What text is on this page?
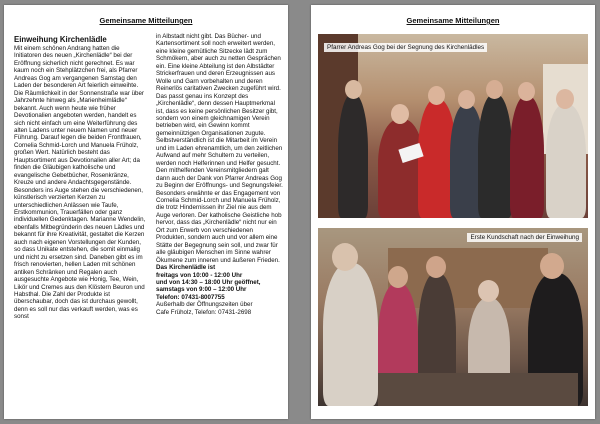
Gemeinsame Mitteilungen
Einweihung Kirchenlädle

Mit einem schönen Andrang hatten die Initiatoren des neuen „Kirchenlädle“ bei der Eröffnung sicherlich nicht gerechnet. Es war kaum noch ein Stehplätzchen frei, als Pfarrer Andreas Gog am vergangenen Samstag den Laden der besonderen Art feierlich einweihte. Die Räumlichkeit in der Sonnenstraße war über Jahrzehnte hinweg als „Marienheimlädle“ bekannt. Auch wenn heute wie früher Devotionalien angeboten werden, handelt es sich nicht einfach um eine Weiterführung des alten Ladens unter neuem Namen und neuer Führung. Darauf legen die beiden Frontfrauen, Cornelia Schmid-Lorch und Manuela Früholz, großen Wert. Natürlich besteht das Hauptsortiment aus Devotionalien aller Art; da finden die Gläubigen katholische und evangelische Gebetbücher, Rosenkränze, Kreuze und andere Andachtsgegenstände. Besonders ins Auge stehen die verschiedenen, künstlerisch verzierten Kerzen zu unterschiedlichen Anlässen wie Taufe, Erstkommunion, Trauerfällen oder ganz individuellen Gedenktagen. Marianne Wendelin, ebenfalls Mitbegründerin des neuen Lädles und bekannt für ihre Kreativität, gestaltet die Kerzen auch nach eigenen Vorstellungen der Kunden, so dass Unikate entstehen, die somit einmalig und nicht zu ersetzen sind. Daneben gibt es im frisch renovierten, hellen Laden mit schönen antiken Schränken und Regalen auch ausgesuchte Angebote wie Honig, Tee, Wein, Likör und Cremes aus den Klöstern Beuron und Habsthal. Die Zahl der Produkte ist überschaubar, doch das ist durchaus gewollt, denn es soll nur das verkauft werden, was es sonst

in Albstadt nicht gibt. Das Bücher- und Kartensortiment soll noch erweitert werden, eine kleine gemütliche Sitzecke lädt zum Schmökern, aber auch zu netten Gesprächen ein. Eine kleine Abteilung ist den Albstädter Strickerfrauen und deren Erzeugnissen aus Wolle und Garn vorbehalten und deren Reinerlös caritativen Zwecken zugeführt wird. Das passt genau ins Konzept des „Kirchenlädle“, denn dessen Hauptmerkmal ist, dass es keine persönlichen Besitzer gibt, sondern von einem gleichnamigen Verein betrieben wird, ein Gewinn kommt gemeinnützigen Organisationen zugute. Selbstverständlich ist die Mitarbeit im Verein und im Laden ehrenamtlich, um den zeitlichen Aufwand auf mehr Schultern zu verteilen, werden noch Helferinnen und Helfer gesucht. Den mithelfenden Vereinsmitgliedern galt dann auch der Dank von Pfarrer Andreas Gog zu Beginn der Eröffnungs- und Segnungsfeier. Besonders erwähnte er das Engagement von Cornelia Schmid-Lorch und Manuela Früholz, die trotz Hindernissen ihr Ziel nie aus dem Auge verloren. Der katholische Geistliche hob hervor, dass das „Kirchenlädle“ nicht nur ein Ort zum Erwerb von verschiedenen Produkten, sondern auch und vor allem eine Stätte der Begegnung sein soll, und zwar für alle gläubigen Menschen im Sinne wahrer Ökumene zum inneren und äußeren Frieden.

Das Kirchenlädle ist

freitags von 10:00 - 12:00 Uhr

und von 14:30 – 18:00 Uhr geöffnet,

samstags von 9:00 – 12:00 Uhr

Telefon: 07431-8007755

Außerhalb der Öffnungszeiten über

Cafe Früholz, Telefon: 07431-2698

Gemeinsame Mitteilungen
Pfarrer Andreas Gog bei der Segnung des Kirchenlädles
Erste Kundschaft nach der Einweihung
